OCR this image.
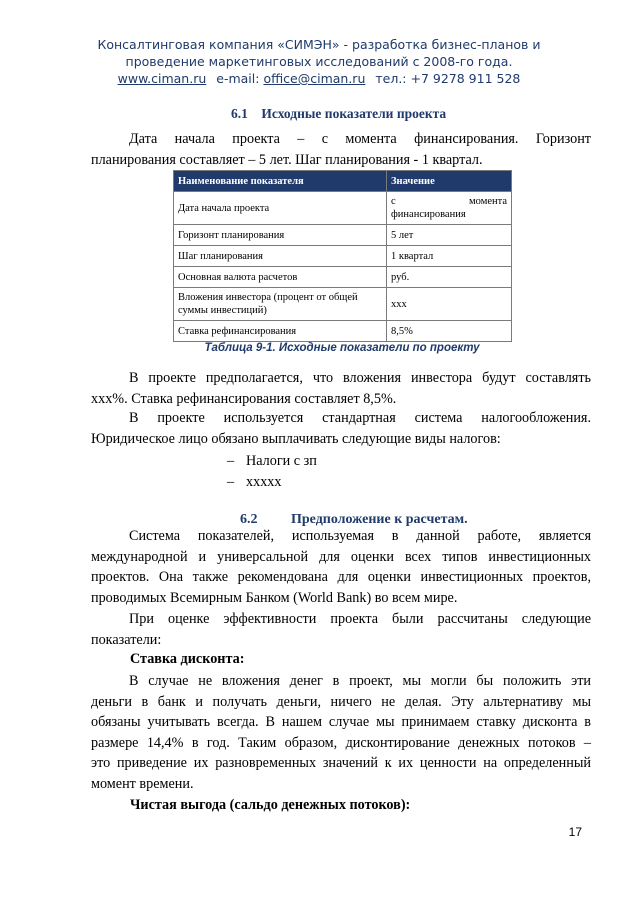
Консалтинговая компания «СИМЭН» - разработка бизнес-планов и
проведение маркетинговых исследований с 2008-го года.
www.ciman.ru e-mail: office@ciman.ru тел.: +7 9278 911 528
6.1 Исходные показатели проекта
Дата начала проекта – с момента финансирования. Горизонт
планирования составляет – 5 лет. Шаг планирования - 1 квартал.
Наименование показателя	Значение
Дата начала проекта	с момента финансирования
Горизонт планирования	5 лет
Шаг планирования	1 квартал
Основная валюта расчетов	руб.
Вложения инвестора (процент от общей суммы инвестиций)	ххх
Ставка рефинансирования	8,5%
Таблица 9-1. Исходные показатели по проекту
В проекте предполагается, что вложения инвестора будут составлять
xxx%. Ставка рефинансирования составляет 8,5%.
В проекте используется стандартная система налогообложения.
Юридическое лицо обязано выплачивать следующие виды налогов:
– Налоги с зп
– ххххх
6.2 Предположение к расчетам.
Система показателей, используемая в данной работе, является
международной и универсальной для оценки всех типов инвестиционных
проектов. Она также рекомендована для оценки инвестиционных проектов,
проводимых Всемирным Банком (World Bank) во всем мире.
При оценке эффективности проекта были рассчитаны следующие
показатели:
Ставка дисконта:
В случае не вложения денег в проект, мы могли бы положить эти
деньги в банк и получать деньги, ничего не делая. Эту альтернативу мы
обязаны учитывать всегда. В нашем случае мы принимаем ставку дисконта в
размере 14,4% в год. Таким образом, дисконтирование денежных потоков –
это приведение их разновременных значений к их ценности на определенный
момент времени.
Чистая выгода (сальдо денежных потоков):
17
